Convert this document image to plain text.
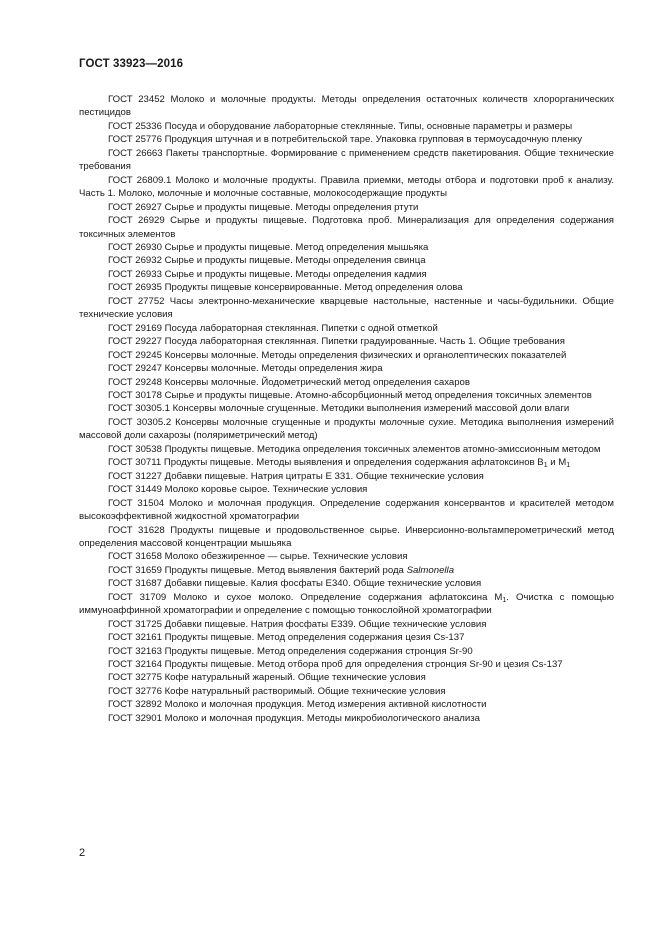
ГОСТ 33923—2016

ГОСТ 23452 Молоко и молочные продукты. Методы определения остаточных количеств хлорорганических пестицидов

ГОСТ 25336 Посуда и оборудование лабораторные стеклянные. Типы, основные параметры и размеры

ГОСТ 25776 Продукция штучная и в потребительской таре. Упаковка групповая в термоусадочную пленку

ГОСТ 26663 Пакеты транспортные. Формирование с применением средств пакетирования. Общие технические требования

ГОСТ 26809.1 Молоко и молочные продукты. Правила приемки, методы отбора и подготовки проб к анализу. Часть 1. Молоко, молочные и молочные составные, молокосодержащие продукты

ГОСТ 26927 Сырье и продукты пищевые. Методы определения ртути

ГОСТ 26929 Сырье и продукты пищевые. Подготовка проб. Минерализация для определения содержания токсичных элементов

ГОСТ 26930 Сырье и продукты пищевые. Метод определения мышьяка

ГОСТ 26932 Сырье и продукты пищевые. Методы определения свинца

ГОСТ 26933 Сырье и продукты пищевые. Методы определения кадмия

ГОСТ 26935 Продукты пищевые консервированные. Метод определения олова

ГОСТ 27752 Часы электронно-механические кварцевые настольные, настенные и часы-будильники. Общие технические условия

ГОСТ 29169 Посуда лабораторная стеклянная. Пипетки с одной отметкой

ГОСТ 29227 Посуда лабораторная стеклянная. Пипетки градуированные. Часть 1. Общие требования

ГОСТ 29245 Консервы молочные. Методы определения физических и органолептических показателей

ГОСТ 29247 Консервы молочные. Методы определения жира

ГОСТ 29248 Консервы молочные. Йодометрический метод определения сахаров

ГОСТ 30178 Сырье и продукты пищевые. Атомно-абсорбционный метод определения токсичных элементов

ГОСТ 30305.1 Консервы молочные сгущенные. Методики выполнения измерений массовой доли влаги

ГОСТ 30305.2 Консервы молочные сгущенные и продукты молочные сухие. Методика выполнения измерений массовой доли сахарозы (поляриметрический метод)

ГОСТ 30538 Продукты пищевые. Методика определения токсичных элементов атомно-эмиссионным методом

ГОСТ 30711 Продукты пищевые. Методы выявления и определения содержания афлатоксинов $B_1$ и $M_1$

ГОСТ 31227 Добавки пищевые. Натрия цитраты Е 331. Общие технические условия

ГОСТ 31449 Молоко коровье сырое. Технические условия

ГОСТ 31504 Молоко и молочная продукция. Определение содержания консервантов и красителей методом высокоэффективной жидкостной хроматографии

ГОСТ 31628 Продукты пищевые и продовольственное сырье. Инверсионно-вольтамперометрический метод определения массовой концентрации мышьяка

ГОСТ 31658 Молоко обезжиренное — сырье. Технические условия

ГОСТ 31659 Продукты пищевые. Метод выявления бактерий рода Salmonella

ГОСТ 31687 Добавки пищевые. Калия фосфаты Е340. Общие технические условия

ГОСТ 31709 Молоко и сухое молоко. Определение содержания афлатоксина $M_1$. Очистка с помощью иммуноаффинной хроматографии и определение с помощью тонкослойной хроматографии

ГОСТ 31725 Добавки пищевые. Натрия фосфаты Е339. Общие технические условия

ГОСТ 32161 Продукты пищевые. Метод определения содержания цезия Cs-137

ГОСТ 32163 Продукты пищевые. Метод определения содержания стронция Sr-90

ГОСТ 32164 Продукты пищевые. Метод отбора проб для определения стронция Sr-90 и цезия Cs-137

ГОСТ 32775 Кофе натуральный жареный. Общие технические условия

ГОСТ 32776 Кофе натуральный растворимый. Общие технические условия

ГОСТ 32892 Молоко и молочная продукция. Метод измерения активной кислотности

ГОСТ 32901 Молоко и молочная продукция. Методы микробиологического анализа

2
